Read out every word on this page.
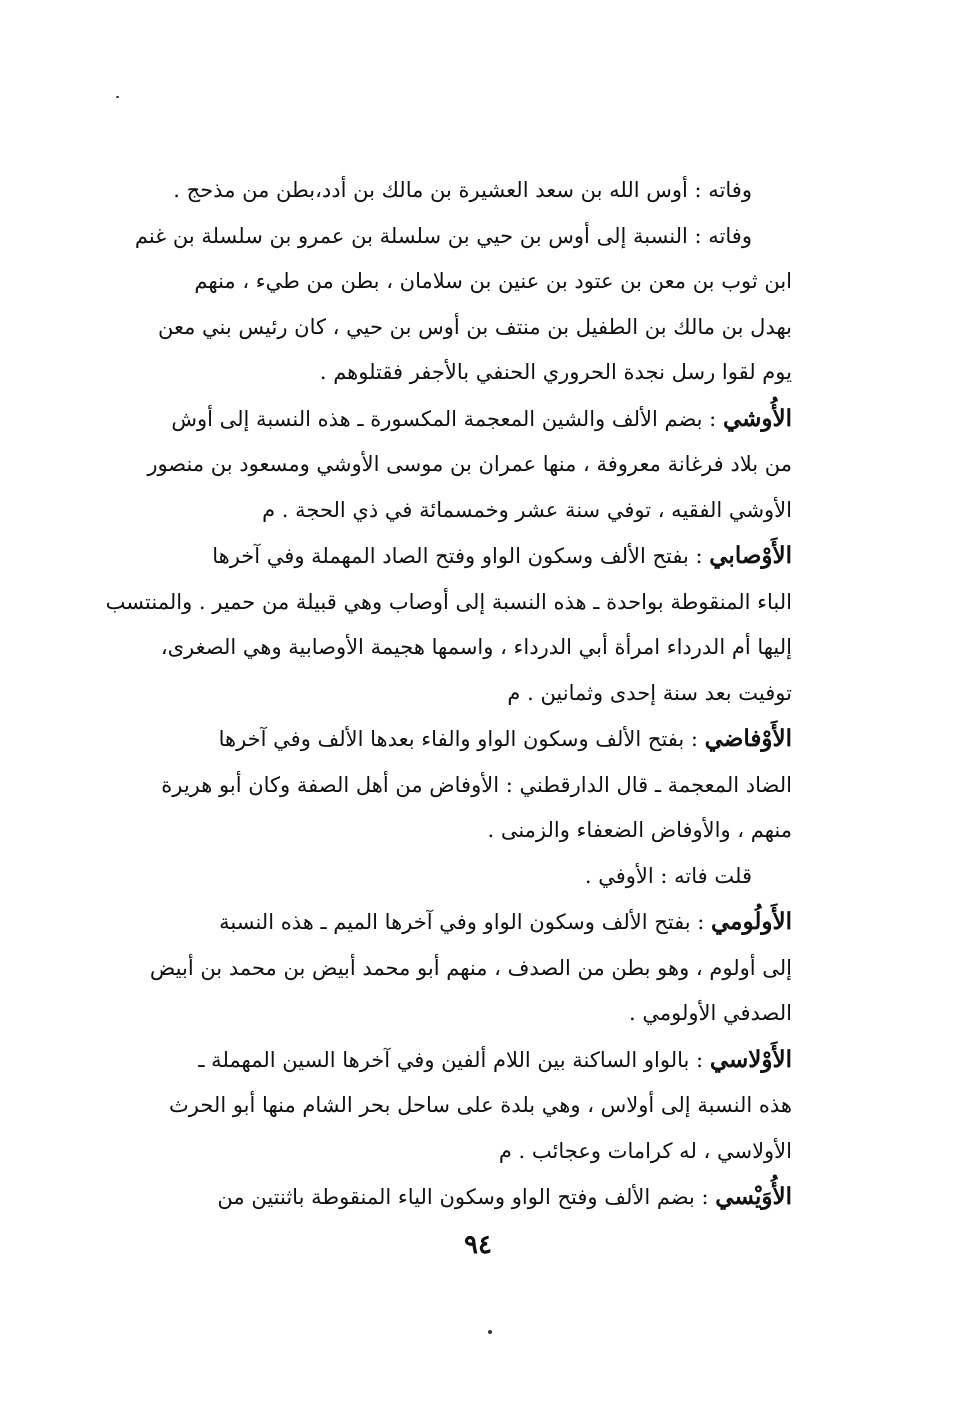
وفاته : أوس الله بن سعد العشيرة بن مالك بن أدد،بطن من مذحج .
وفاته : النسبة إلى أوس بن حيي بن سلسلة بن عمرو بن سلسلة بن غنم
ابن ثوب بن معن بن عتود بن عنين بن سلامان ، بطن من طيء ، منهم
بهدل بن مالك بن الطفيل بن منتف بن أوس بن حيي ، كان رئيس بني معن
يوم لقوا رسل نجدة الحروري الحنفي بالأجفر فقتلوهم .
الأُوشي : بضم الألف والشين المعجمة المكسورة ـ هذه النسبة إلى أوش
من بلاد فرغانة معروفة ، منها عمران بن موسى الأوشي ومسعود بن منصور
الأوشي الفقيه ، توفي سنة عشر وخمسمائة في ذي الحجة . م
الأَوْصابي : بفتح الألف وسكون الواو وفتح الصاد المهملة وفي آخرها
الباء المنقوطة بواحدة ـ هذه النسبة إلى أوصاب وهي قبيلة من حمير . والمنتسب
إليها أم الدرداء امرأة أبي الدرداء ، واسمها هجيمة الأوصابية وهي الصغرى،
توفيت بعد سنة إحدى وثمانين . م
الأَوْفاضي : بفتح الألف وسكون الواو والفاء بعدها الألف وفي آخرها
الضاد المعجمة ـ قال الدارقطني : الأوفاض من أهل الصفة وكان أبو هريرة
منهم ، والأوفاض الضعفاء والزمنى .
قلت فاته : الأوفي .
الأَولُومي : بفتح الألف وسكون الواو وفي آخرها الميم ـ هذه النسبة
إلى أولوم ، وهو بطن من الصدف ، منهم أبو محمد أبيض بن محمد بن أبيض
الصدفي الأولومي .
الأَوْلاسي : بالواو الساكنة بين اللام ألفين وفي آخرها السين المهملة ـ
هذه النسبة إلى أولاس ، وهي بلدة على ساحل بحر الشام منها أبو الحرث
الأولاسي ، له كرامات وعجائب . م
الأُوَيْسي : بضم الألف وفتح الواو وسكون الياء المنقوطة باثنتين من
٩٤
